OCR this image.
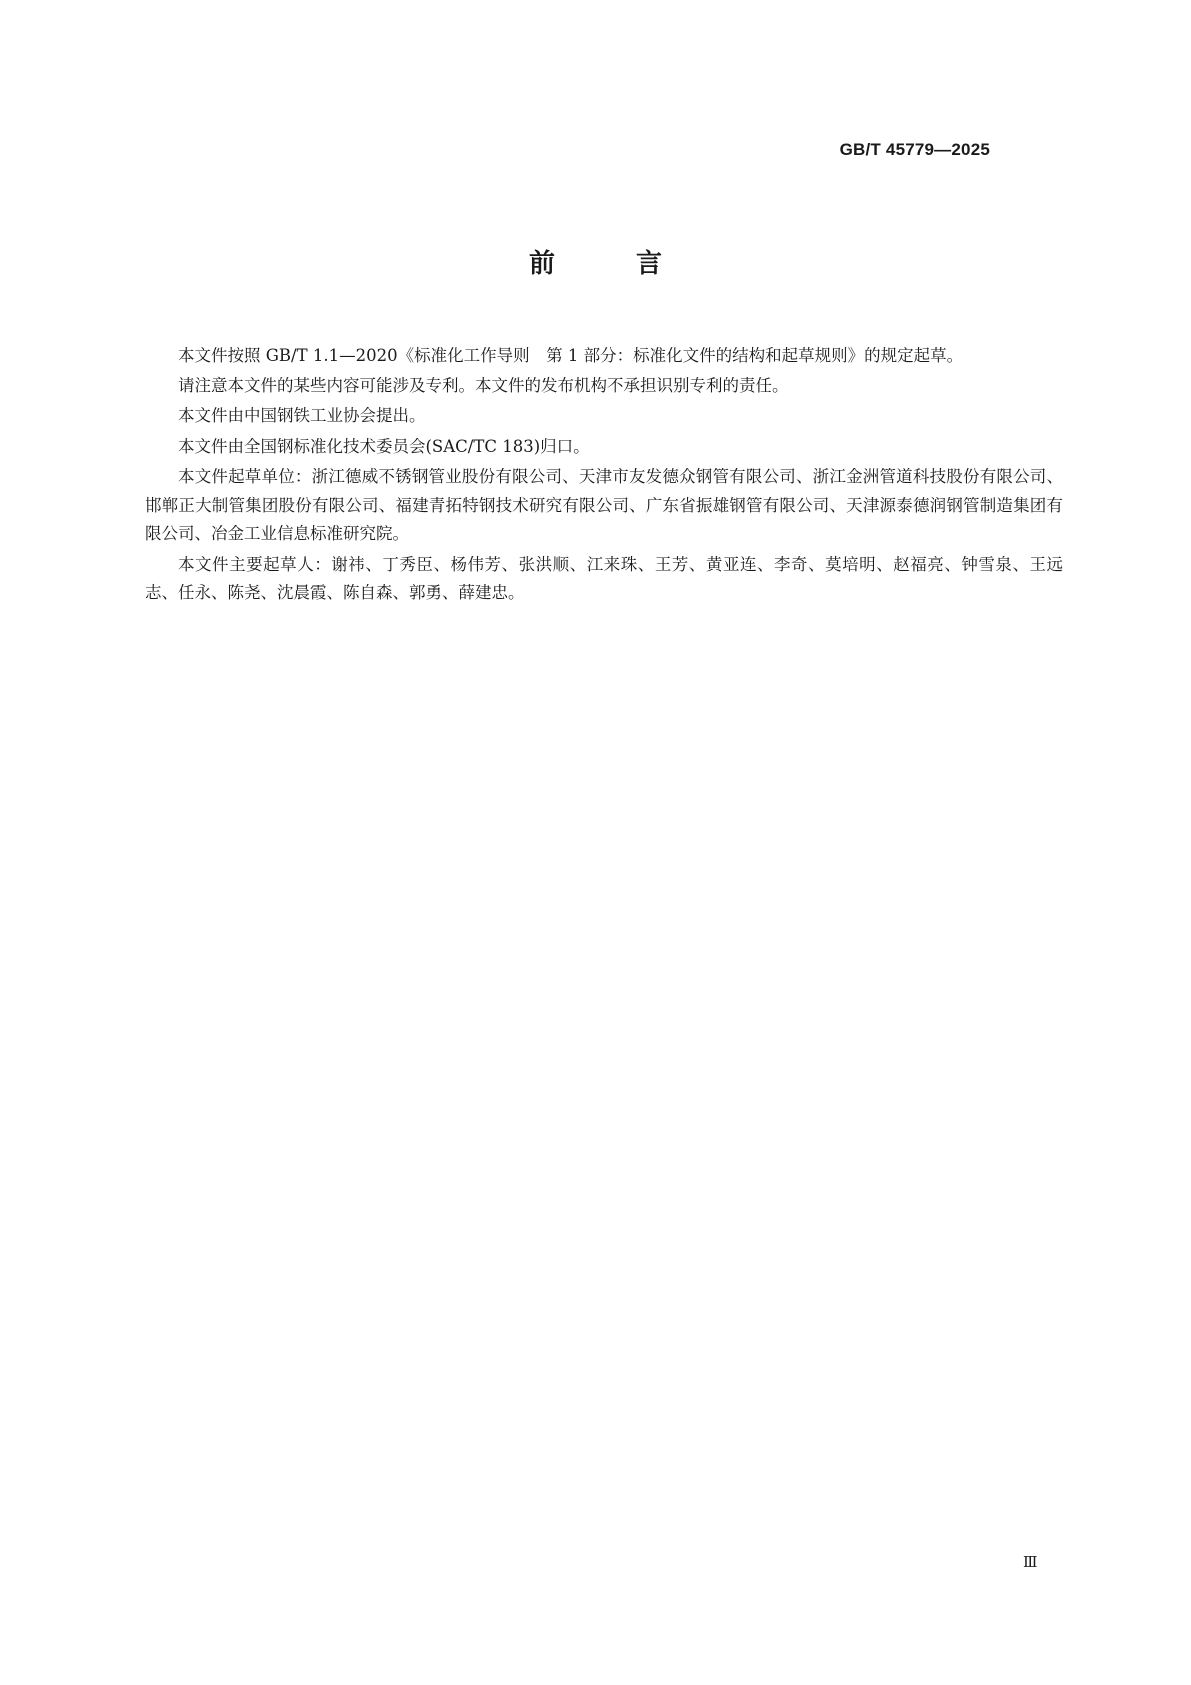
GB/T 45779—2025
前 言

本文件按照 GB/T 1.1—2020《标准化工作导则　第 1 部分：标准化文件的结构和起草规则》的规定起草。

请注意本文件的某些内容可能涉及专利。本文件的发布机构不承担识别专利的责任。

本文件由中国钢铁工业协会提出。

本文件由全国钢标准化技术委员会(SAC/TC 183)归口。

本文件起草单位：浙江德威不锈钢管业股份有限公司、天津市友发德众钢管有限公司、浙江金洲管道科技股份有限公司、邯郸正大制管集团股份有限公司、福建青拓特钢技术研究有限公司、广东省振雄钢管有限公司、天津源泰德润钢管制造集团有限公司、冶金工业信息标准研究院。

本文件主要起草人：谢祎、丁秀臣、杨伟芳、张洪顺、江来珠、王芳、黄亚连、李奇、莫培明、赵福亮、钟雪泉、王远志、任永、陈尧、沈晨霞、陈自森、郭勇、薛建忠。

Ⅲ
